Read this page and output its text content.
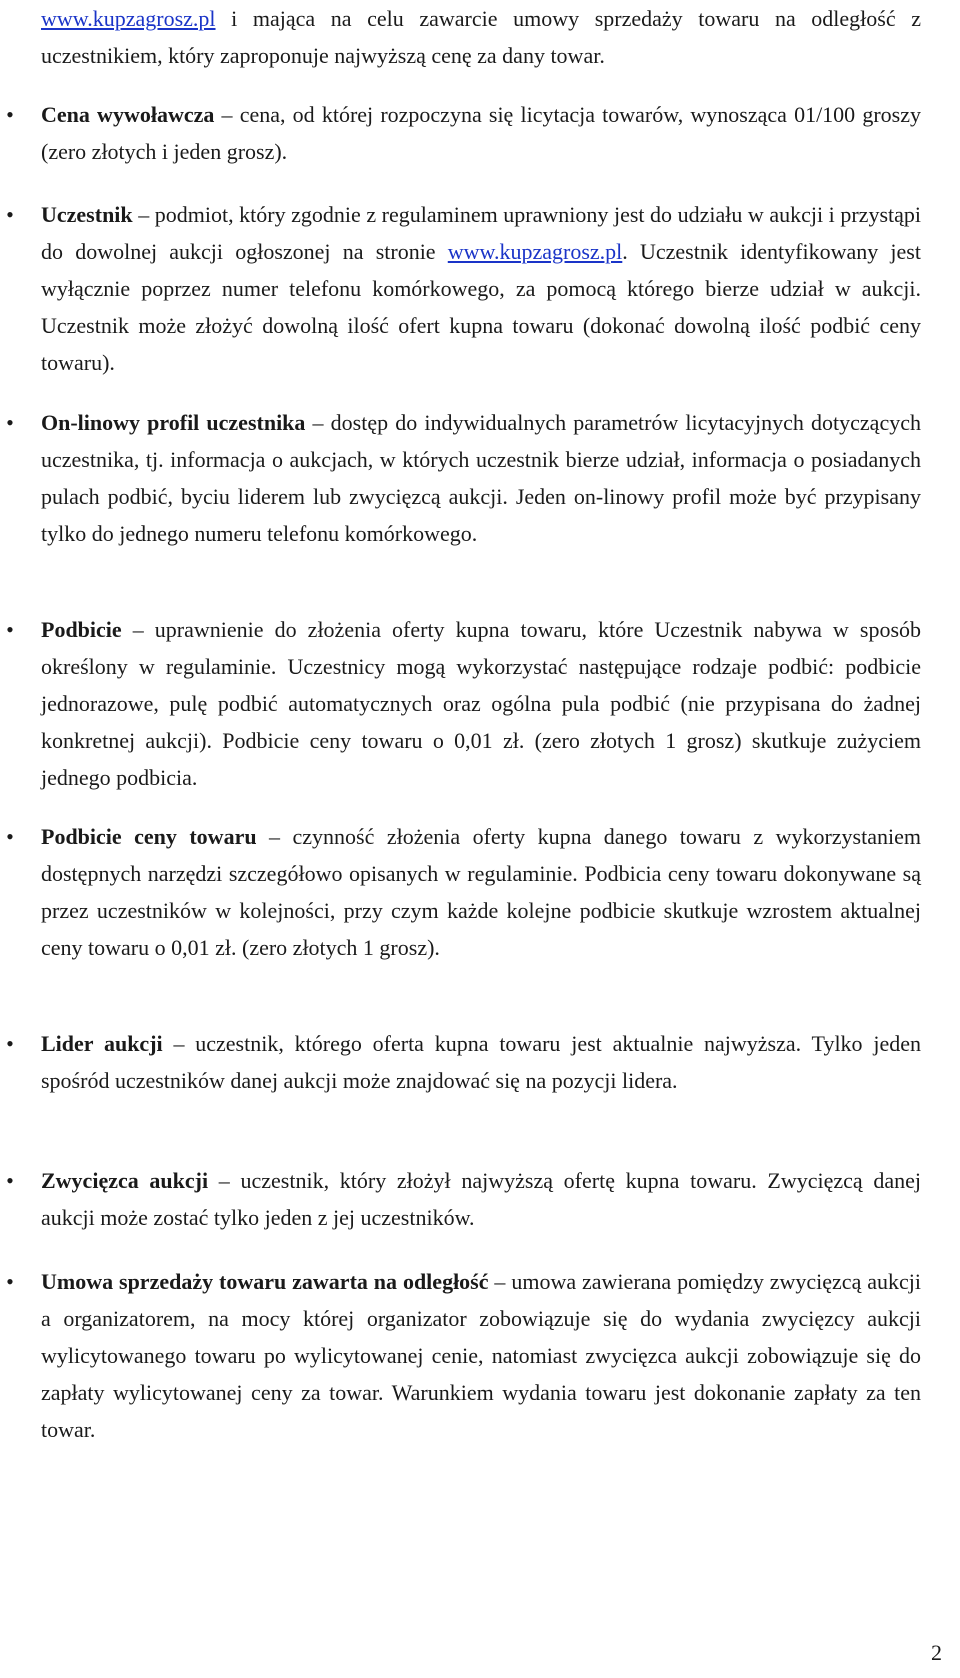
www.kupzagrosz.pl i mająca na celu zawarcie umowy sprzedaży towaru na odległość z uczestnikiem, który zaproponuje najwyższą cenę za dany towar.
• Cena wywoławcza – cena, od której rozpoczyna się licytacja towarów, wynosząca 01/100 groszy (zero złotych i jeden grosz).
• Uczestnik – podmiot, który zgodnie z regulaminem uprawniony jest do udziału w aukcji i przystąpi do dowolnej aukcji ogłoszonej na stronie www.kupzagrosz.pl. Uczestnik identyfikowany jest wyłącznie poprzez numer telefonu komórkowego, za pomocą którego bierze udział w aukcji. Uczestnik może złożyć dowolną ilość ofert kupna towaru (dokonać dowolną ilość podbić ceny towaru).
• On-linowy profil uczestnika – dostęp do indywidualnych parametrów licytacyjnych dotyczących uczestnika, tj. informacja o aukcjach, w których uczestnik bierze udział, informacja o posiadanych pulach podbić, byciu liderem lub zwycięzcą aukcji. Jeden on-linowy profil może być przypisany tylko do jednego numeru telefonu komórkowego.
• Podbicie – uprawnienie do złożenia oferty kupna towaru, które Uczestnik nabywa w sposób określony w regulaminie. Uczestnicy mogą wykorzystać następujące rodzaje podbić: podbicie jednorazowe, pulę podbić automatycznych oraz ogólna pula podbić (nie przypisana do żadnej konkretnej aukcji). Podbicie ceny towaru o 0,01 zł. (zero złotych 1 grosz) skutkuje zużyciem jednego podbicia.
• Podbicie ceny towaru – czynność złożenia oferty kupna danego towaru z wykorzystaniem dostępnych narzędzi szczegółowo opisanych w regulaminie. Podbicia ceny towaru dokonywane są przez uczestników w kolejności, przy czym każde kolejne podbicie skutkuje wzrostem aktualnej ceny towaru o 0,01 zł. (zero złotych 1 grosz).
• Lider aukcji – uczestnik, którego oferta kupna towaru jest aktualnie najwyższa. Tylko jeden spośród uczestników danej aukcji może znajdować się na pozycji lidera.
• Zwycięzca aukcji – uczestnik, który złożył najwyższą ofertę kupna towaru. Zwycięzcą danej aukcji może zostać tylko jeden z jej uczestników.
• Umowa sprzedaży towaru zawarta na odległość – umowa zawierana pomiędzy zwycięzcą aukcji a organizatorem, na mocy której organizator zobowiązuje się do wydania zwycięzcy aukcji wylicytowanego towaru po wylicytowanej cenie, natomiast zwycięzca aukcji zobowiązuje się do zapłaty wylicytowanej ceny za towar. Warunkiem wydania towaru jest dokonanie zapłaty za ten towar.
2
